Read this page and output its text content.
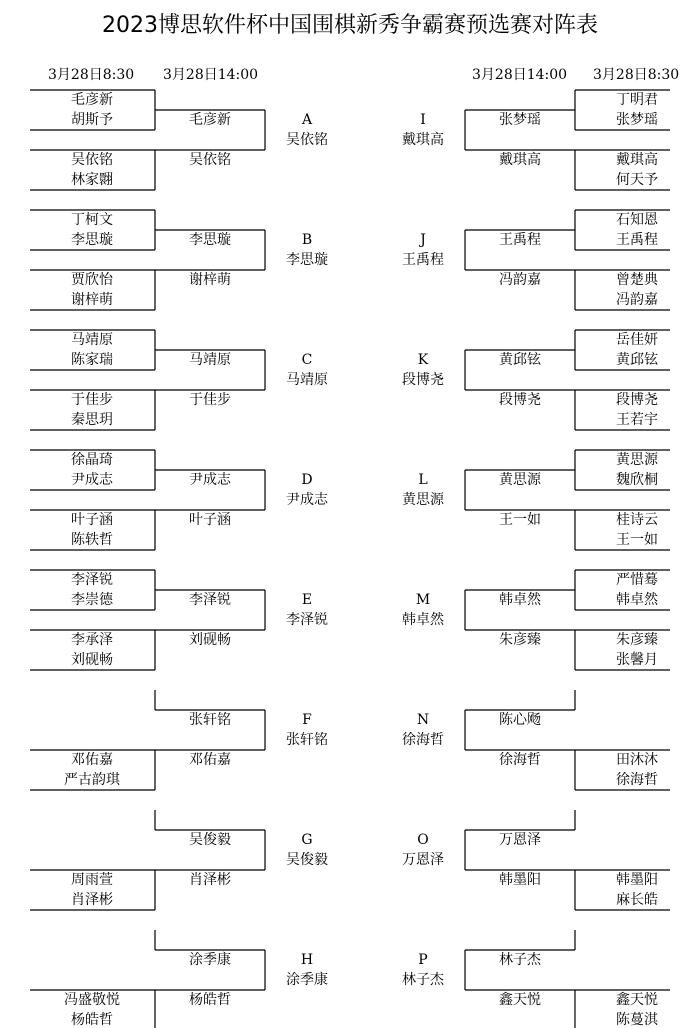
2023博思软件杯中国围棋新秀争霸赛预选赛对阵表
3月28日8:30 3月28日14:00	3月28日14:00 3月28日8:30
毛彦新
胡斯予
吴依铭
林家翾
毛彦新
吴依铭
A
吴依铭
丁柯文
李思璇
贾欣怡
谢梓萌
李思璇
谢梓萌
B
李思璇
马靖原
陈家瑞
于佳步
秦思玥
马靖原
于佳步
C
马靖原
徐晶琦
尹成志
叶子涵
陈轶哲
尹成志
叶子涵
D
尹成志
李泽锐
李崇德
李承泽
刘砚畅
李泽锐
刘砚畅
E
李泽锐
邓佑嘉
严古韵琪
张轩铭
邓佑嘉
F
张轩铭
周雨萱
肖泽彬
吴俊毅
肖泽彬
G
吴俊毅
冯盛敬悦
杨皓哲
涂季康
杨皓哲
H
涂季康
丁明君
张梦瑶
戴琪高
何天予
张梦瑶
戴琪高
I
戴琪高
石知恩
王禹程
曾楚典
冯韵嘉
王禹程
冯韵嘉
J
王禹程
岳佳妍
黄邱铉
段博尧
王若宇
黄邱铉
段博尧
K
段博尧
黄思源
魏欣桐
桂诗云
王一如
黄思源
王一如
L
黄思源
严惜蓦
韩卓然
朱彦臻
张馨月
韩卓然
朱彦臻
M
韩卓然
田沐沐
徐海哲
陈心飏
徐海哲
N
徐海哲
韩墨阳
麻长皓
万恩泽
韩墨阳
O
万恩泽
鑫天悦
陈蔓淇
林子杰
鑫天悦
P
林子杰
